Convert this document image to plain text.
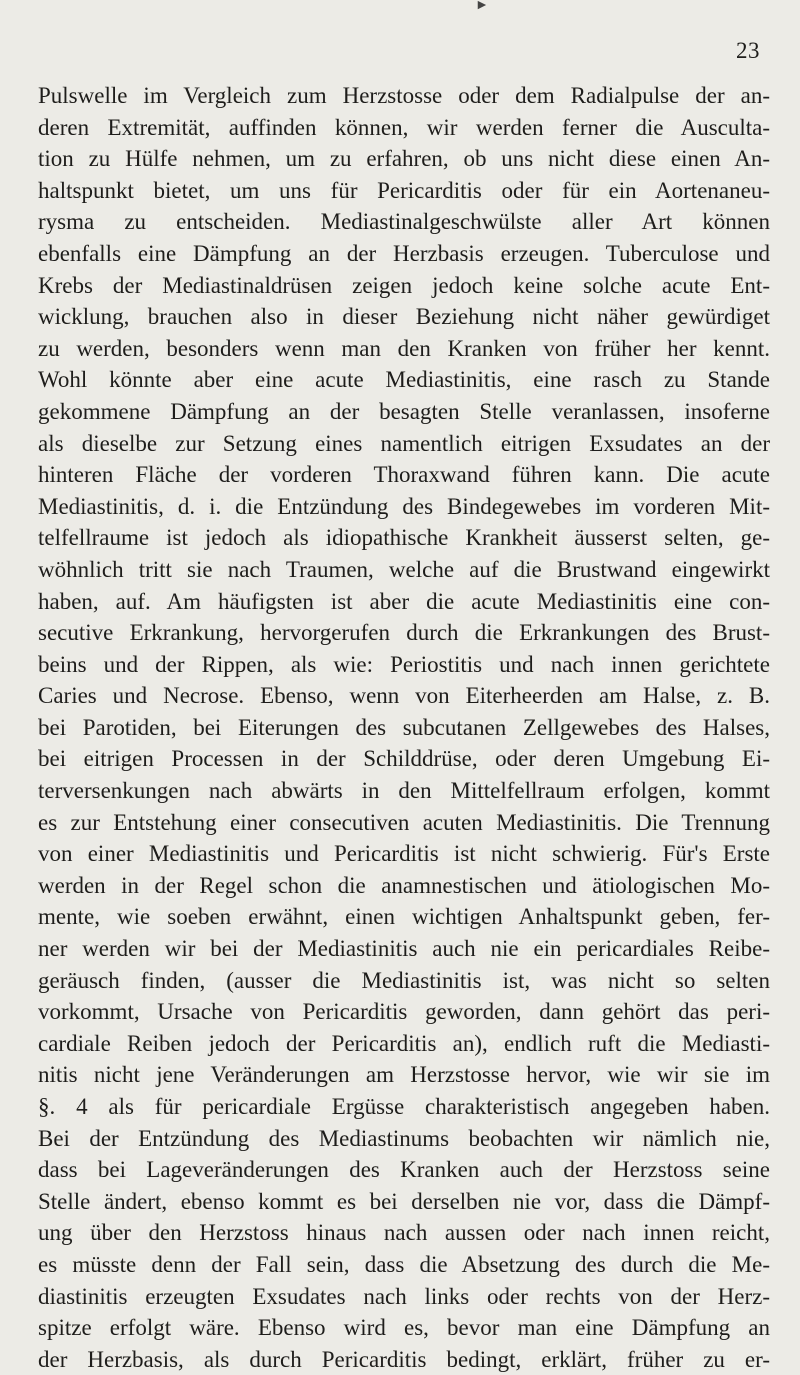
►
23
Pulswelle im Vergleich zum Herzstosse oder dem Radialpulse der an-
deren Extremität, auffinden können, wir werden ferner die Ausculta-
tion zu Hülfe nehmen, um zu erfahren, ob uns nicht diese einen An-
haltspunkt bietet, um uns für Pericarditis oder für ein Aortenaneu-
rysma zu entscheiden. Mediastinalgeschwülste aller Art können
ebenfalls eine Dämpfung an der Herzbasis erzeugen. Tuberculose und
Krebs der Mediastinaldrüsen zeigen jedoch keine solche acute Ent-
wicklung, brauchen also in dieser Beziehung nicht näher gewürdiget
zu werden, besonders wenn man den Kranken von früher her kennt.
Wohl könnte aber eine acute Mediastinitis, eine rasch zu Stande
gekommene Dämpfung an der besagten Stelle veranlassen, insoferne
als dieselbe zur Setzung eines namentlich eitrigen Exsudates an der
hinteren Fläche der vorderen Thoraxwand führen kann. Die acute
Mediastinitis, d. i. die Entzündung des Bindegewebes im vorderen Mit-
telfellraume ist jedoch als idiopathische Krankheit äusserst selten, ge-
wöhnlich tritt sie nach Traumen, welche auf die Brustwand eingewirkt
haben, auf. Am häufigsten ist aber die acute Mediastinitis eine con-
secutive Erkrankung, hervorgerufen durch die Erkrankungen des Brust-
beins und der Rippen, als wie: Periostitis und nach innen gerichtete
Caries und Necrose. Ebenso, wenn von Eiterheerden am Halse, z. B.
bei Parotiden, bei Eiterungen des subcutanen Zellgewebes des Halses,
bei eitrigen Processen in der Schilddrüse, oder deren Umgebung Ei-
terversenkungen nach abwärts in den Mittelfellraum erfolgen, kommt
es zur Entstehung einer consecutiven acuten Mediastinitis. Die Trennung
von einer Mediastinitis und Pericarditis ist nicht schwierig. Für's Erste
werden in der Regel schon die anamnestischen und ätiologischen Mo-
mente, wie soeben erwähnt, einen wichtigen Anhaltspunkt geben, fer-
ner werden wir bei der Mediastinitis auch nie ein pericardiales Reibe-
geräusch finden, (ausser die Mediastinitis ist, was nicht so selten
vorkommt, Ursache von Pericarditis geworden, dann gehört das peri-
cardiale Reiben jedoch der Pericarditis an), endlich ruft die Mediasti-
nitis nicht jene Veränderungen am Herzstosse hervor, wie wir sie im
§. 4 als für pericardiale Ergüsse charakteristisch angegeben haben.
Bei der Entzündung des Mediastinums beobachten wir nämlich nie,
dass bei Lageveränderungen des Kranken auch der Herzstoss seine
Stelle ändert, ebenso kommt es bei derselben nie vor, dass die Dämpf-
ung über den Herzstoss hinaus nach aussen oder nach innen reicht,
es müsste denn der Fall sein, dass die Absetzung des durch die Me-
diastinitis erzeugten Exsudates nach links oder rechts von der Herz-
spitze erfolgt wäre. Ebenso wird es, bevor man eine Dämpfung an
der Herzbasis, als durch Pericarditis bedingt, erklärt, früher zu er-
